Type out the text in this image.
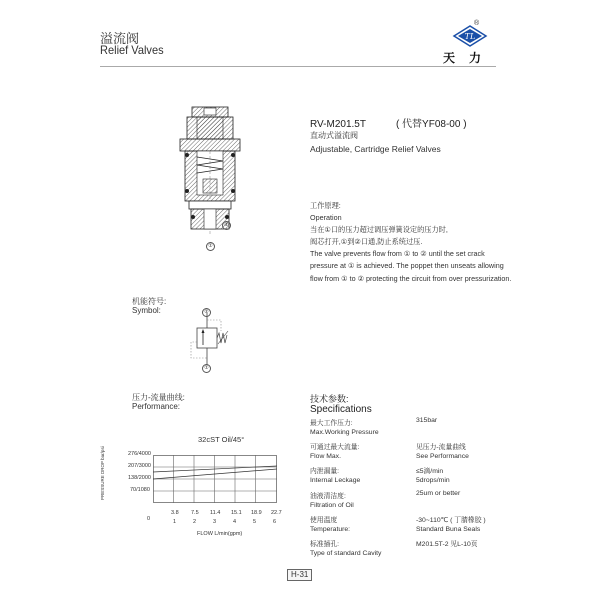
溢流阀
Relief Valves
TL
®
天力
②
①
RV-M201.5T	( 代替YF08-00 )
直动式溢流阀
Adjustable, Cartridge Relief Valves
工作原理:
Operation
当在①口的压力超过调压弹簧设定的压力时,
阀芯打开,①到②口通,防止系统过压.
The valve prevents flow from ① to ② until the set crack
pressure at ① is achieved. The poppet then unseats allowing
flow from ① to ② protecting the circuit from over pressurization.
机能符号:
Symbol:	②
①
压力-流量曲线:
Performance:
32cST Oil/45°
276/4000
207/3000
138/2000
70/1080
PRESSURE DROP bar/psi
0
3.8 7.5 11.4 15.1 18.9 22.7
1	2	3	4	5	6
FLOW L/min(gpm)
技术参数:
Specifications
最大工作压力:	315bar
Max.Working Pressure
可通过最大流量:	见压力-流量曲线
Flow Max.	See Performance
内泄漏量:	≤5滴/min
Internal Leckage	5drops/min
油液清洁度:	25um or better
Filtration of Oil
使用温度	-30~110℃ ( 丁腈橡胶 )
Temperature:	Standard Buna Seals
标准插孔:	M201.5T-2 见L-10页
Type of standard Cavity
H-31
